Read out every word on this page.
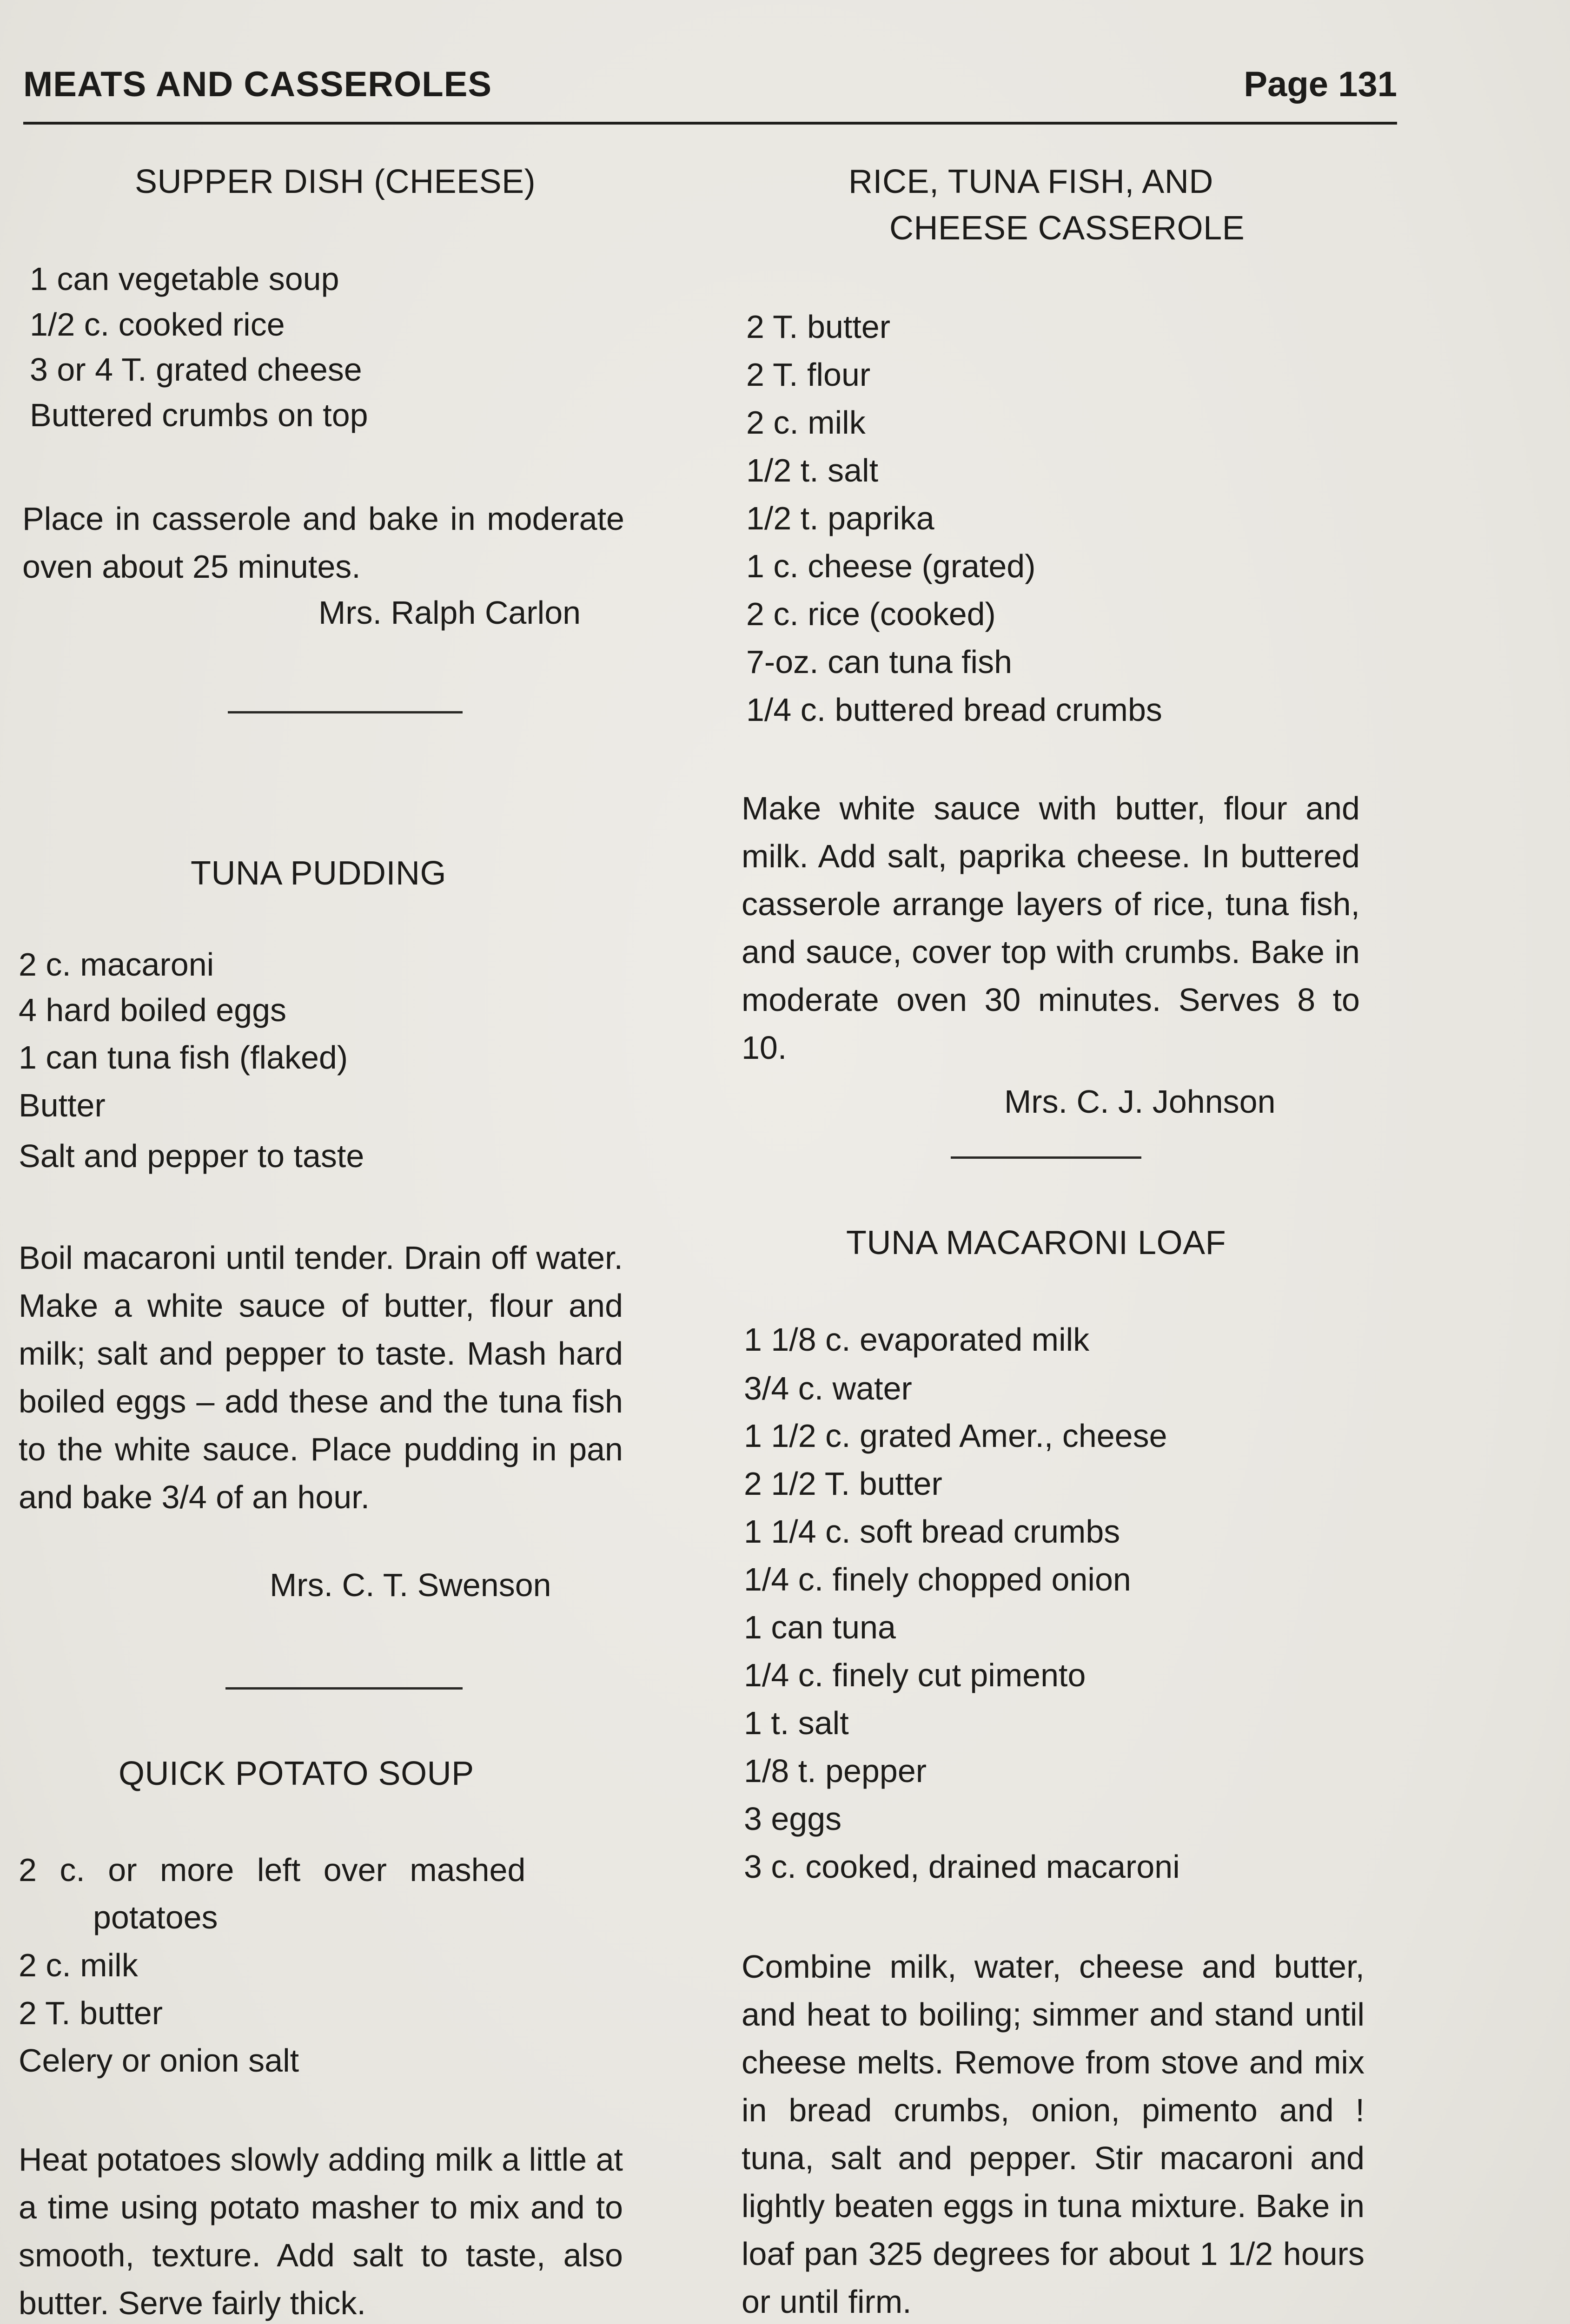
MEATS AND CASSEROLES	Page 131
SUPPER DISH (CHEESE)
1 can vegetable soup
1/2 c. cooked rice
3 or 4 T. grated cheese
Buttered crumbs on top
Place in casserole and bake in moderate oven about 25 minutes.
Mrs. Ralph Carlon
TUNA PUDDING
2 c. macaroni
4 hard boiled eggs
1 can tuna fish (flaked)
Butter
Salt and pepper to taste
Boil macaroni until tender. Drain off water. Make a white sauce of butter, flour and milk; salt and pepper to taste. Mash hard boiled eggs – add these and the tuna fish to the white sauce. Place pudding in pan and bake 3/4 of an hour.
Mrs. C. T. Swenson
QUICK POTATO SOUP
2 c. or more left over mashed
potatoes
2 c. milk
2 T. butter
Celery or onion salt
Heat potatoes slowly adding milk a little at a time using potato masher to mix and to smooth, texture. Add salt to taste, also butter. Serve fairly thick.
RICE, TUNA FISH, AND
CHEESE CASSEROLE
2 T. butter
2 T. flour
2 c. milk
1/2 t. salt
1/2 t. paprika
1 c. cheese (grated)
2 c. rice (cooked)
7-oz. can tuna fish
1/4 c. buttered bread crumbs
Make white sauce with butter, flour and milk. Add salt, paprika cheese. In buttered casserole arrange layers of rice, tuna fish, and sauce, cover top with crumbs. Bake in moderate oven 30 minutes. Serves 8 to 10.
Mrs. C. J. Johnson
TUNA MACARONI LOAF
1 1/8 c. evaporated milk
3/4 c. water
1 1/2 c. grated Amer., cheese
2 1/2 T. butter
1 1/4 c. soft bread crumbs
1/4 c. finely chopped onion
1 can tuna
1/4 c. finely cut pimento
1 t. salt
1/8 t. pepper
3 eggs
3 c. cooked, drained macaroni
Combine milk, water, cheese and butter, and heat to boiling; simmer and stand until cheese melts. Remove from stove and mix in bread crumbs, onion, pimento and ! tuna, salt and pepper. Stir macaroni and lightly beaten eggs in tuna mixture. Bake in loaf pan 325 degrees for about 1 1/2 hours or until firm.
